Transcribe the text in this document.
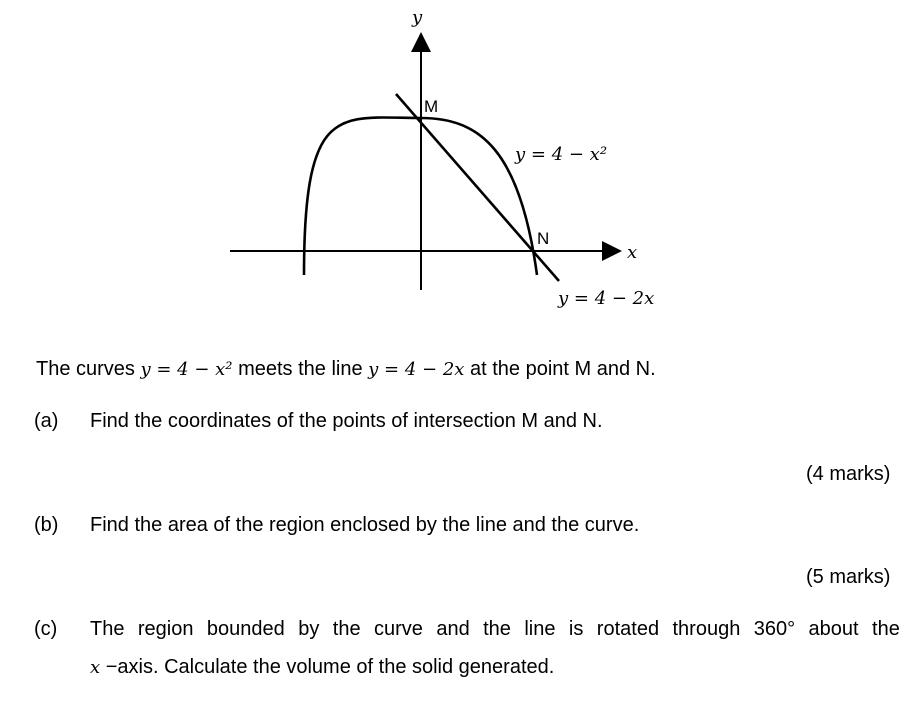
y
x
M
N
y = 4 − x²
y = 4 − 2x
The curves y = 4 − x² meets the line y = 4 − 2x at the point M and N.
(a) Find the coordinates of the points of intersection M and N.
(4 marks)
(b) Find the area of the region enclosed by the line and the curve.
(5 marks)
(c) The region bounded by the curve and the line is rotated through 360° about the
x −axis. Calculate the volume of the solid generated.
